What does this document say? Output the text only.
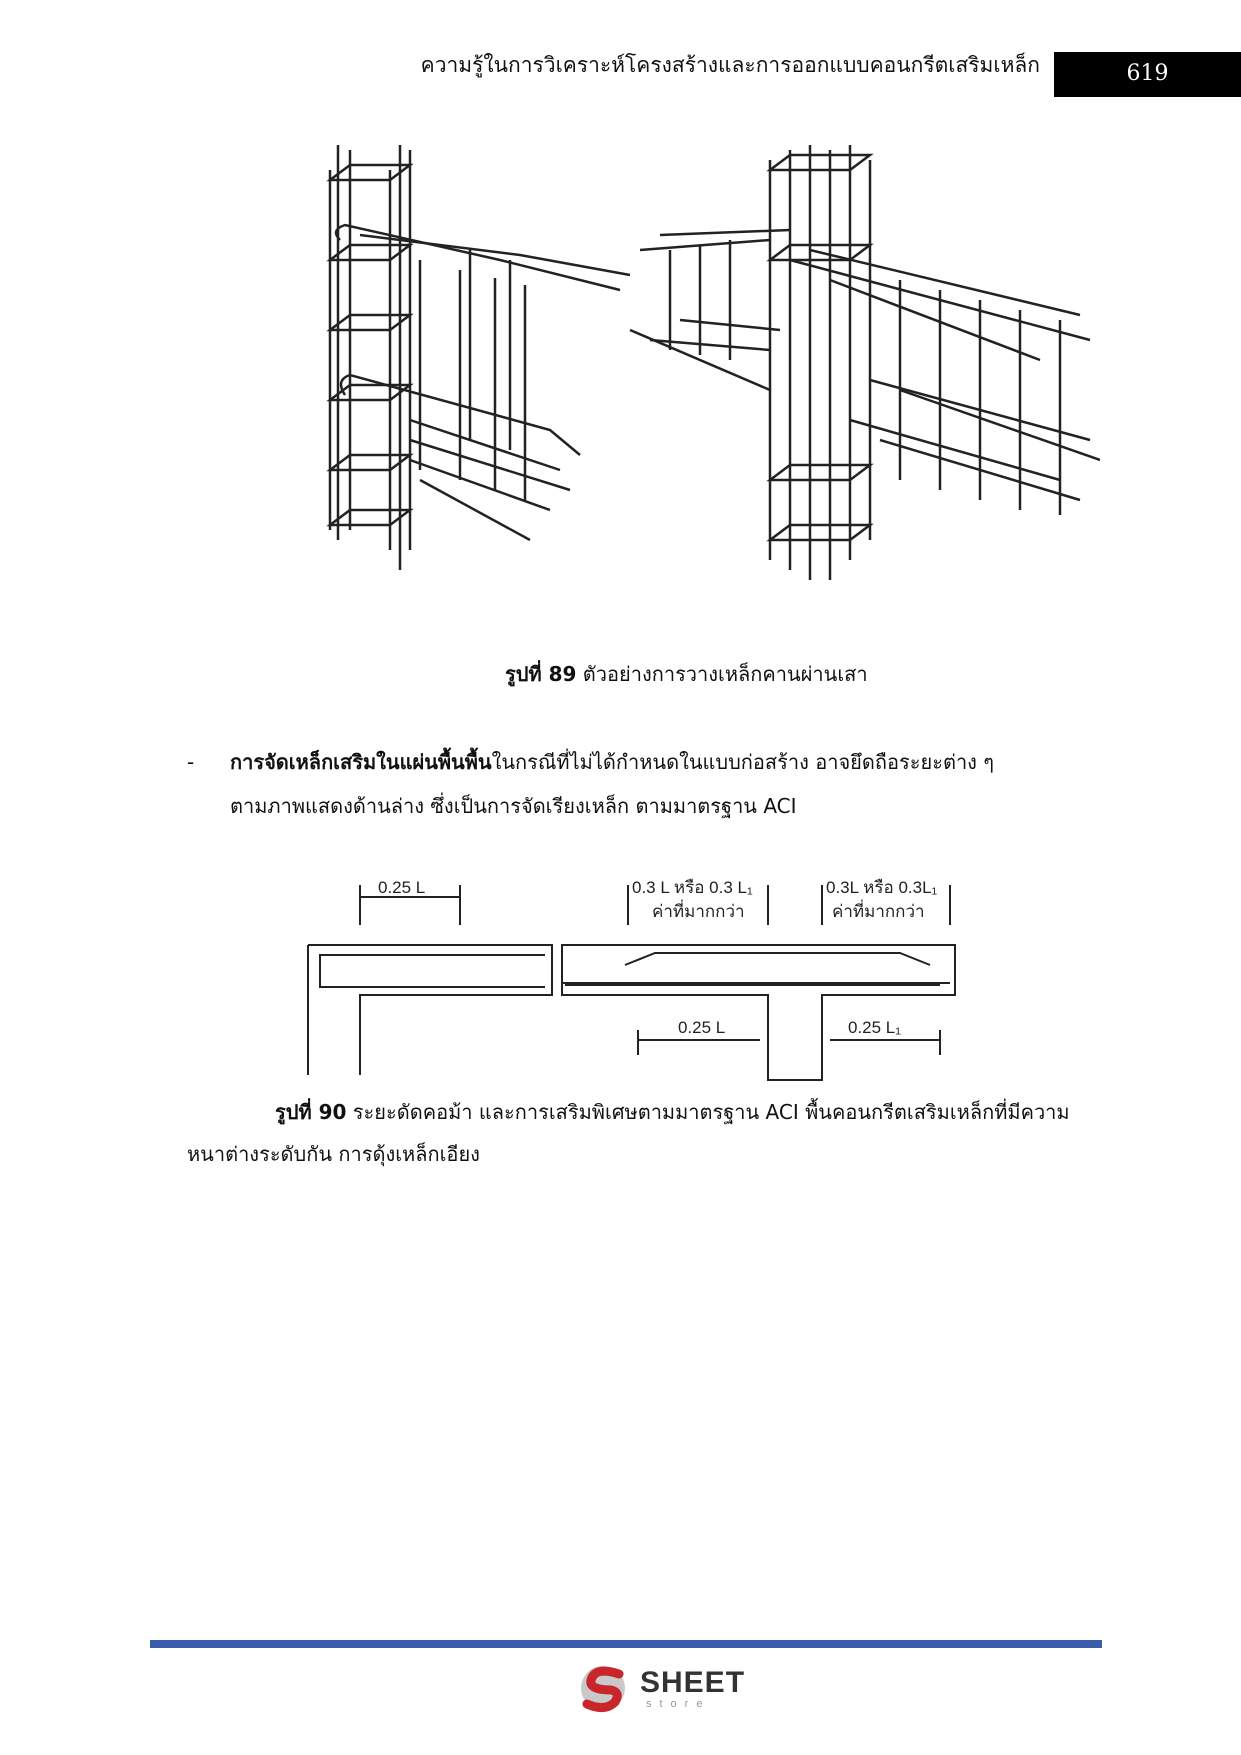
ความรู้ในการวิเคราะห์โครงสร้างและการออกแบบคอนกรีตเสริมเหล็ก	619
รูปที่ 89 ตัวอย่างการวางเหล็กคานผ่านเสา
- การจัดเหล็กเสริมในแผ่นพื้นพื้นในกรณีที่ไม่ได้กำหนดในแบบก่อสร้าง อาจยึดถือระยะต่าง ๆ
ตามภาพแสดงด้านล่าง ซึ่งเป็นการจัดเรียงเหล็ก ตามมาตรฐาน ACI
0.25 L	0.3 L หรือ 0.3 L₁
ค่าที่มากกว่า
0.3L หรือ 0.3L₁
ค่าที่มากกว่า
0.25 L	0.25 L₁
รูปที่ 90 ระยะดัดคอม้า และการเสริมพิเศษตามมาตรฐาน ACI พื้นคอนกรีตเสริมเหล็กที่มีความ
หนาต่างระดับกัน การดุ้งเหล็กเอียง
SHEET
store
